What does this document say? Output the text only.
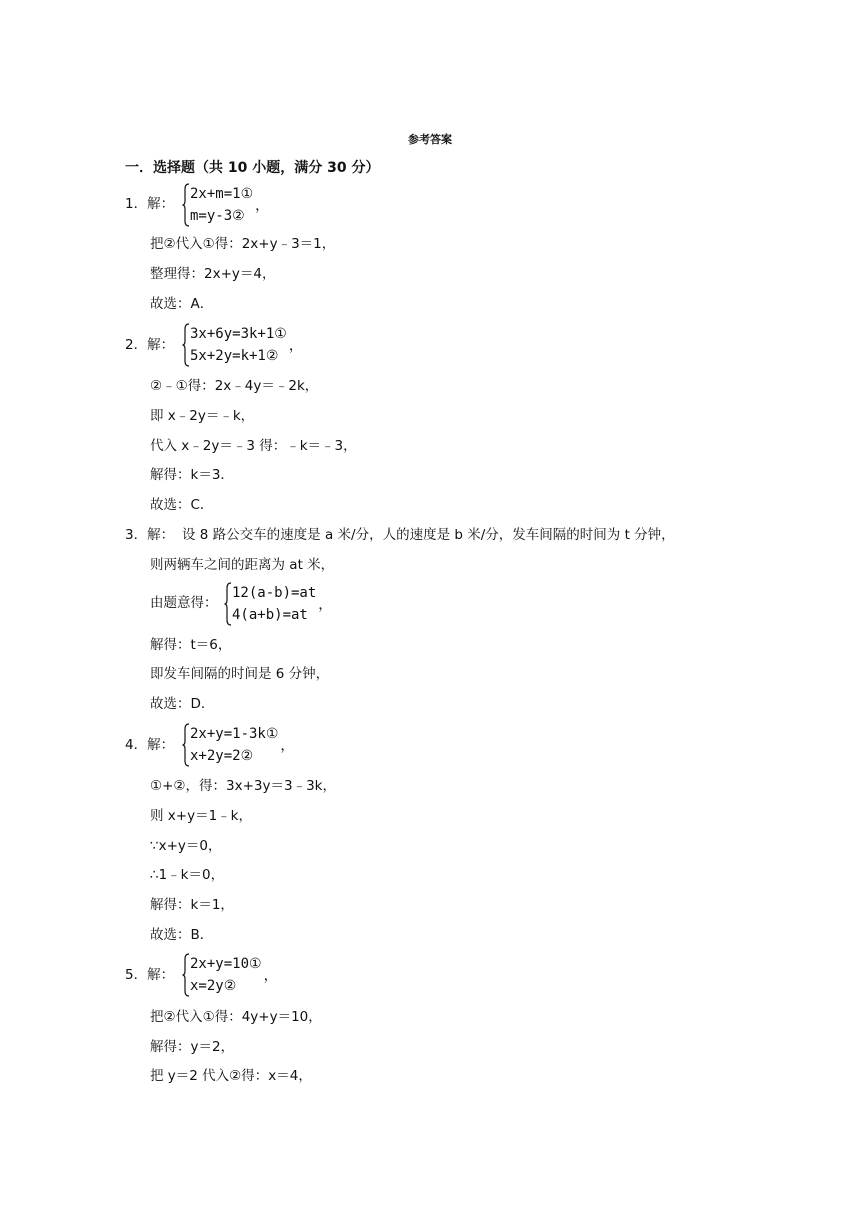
参考答案
一．选择题（共 10 小题，满分 30 分）
1．解：
2x+m=1①
m=y-3②
，
把②代入①得：2x+y﹣3＝1，
整理得：2x+y＝4，
故选：A．
2．解：
3x+6y=3k+1①
5x+2y=k+1②
，
②﹣①得：2x﹣4y＝﹣2k，
即 x﹣2y＝﹣k，
代入 x﹣2y＝﹣3 得：﹣k＝﹣3，
解得：k＝3．
故选：C．
3．解： 设 8 路公交车的速度是 a 米/分，人的速度是 b 米/分，发车间隔的时间为 t 分钟，
则两辆车之间的距离为 at 米，
由题意得：
12(a-b)=at
4(a+b)=at
，
解得：t＝6，
即发车间隔的时间是 6 分钟，
故选：D．
4．解：
2x+y=1-3k①
x+2y=2②
，
①+②，得：3x+3y＝3﹣3k，
则 x+y＝1﹣k，
∵x+y＝0，
∴1﹣k＝0，
解得：k＝1，
故选：B．
5．解：
2x+y=10①
x=2y②
，
把②代入①得：4y+y＝10，
解得：y＝2，
把 y＝2 代入②得：x＝4，
